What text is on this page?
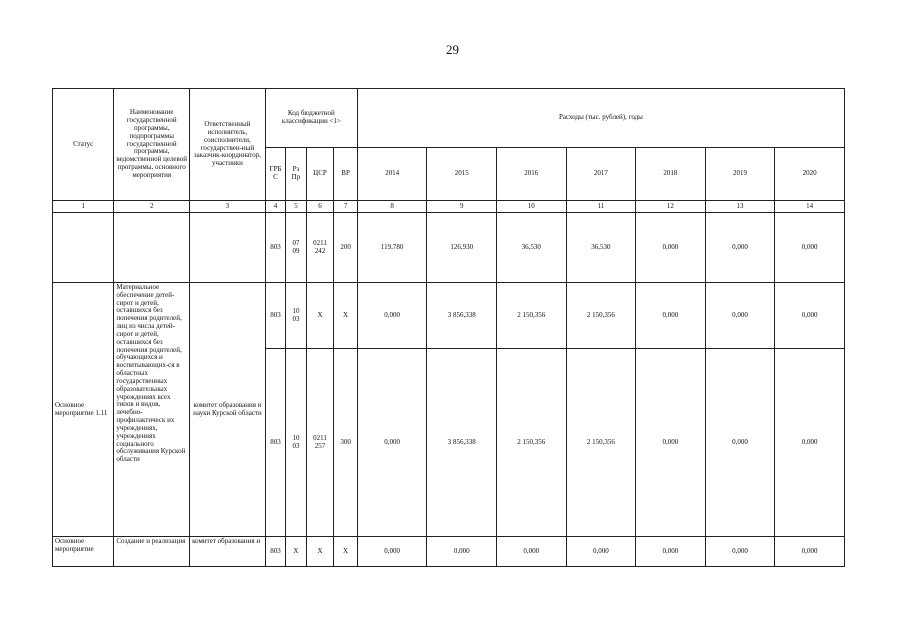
29
Статус	Наименование государственной программы, подпрограммы государственной программы, ведомственной целевой программы, основного мероприятия	Ответственный исполнитель, соисполнители, государствен-ный заказчик-координатор, участники	Код бюджетной классификации <1>				Расходы (тыс. рублей), годы						
			ГРБ С	Рз Пр	ЦСР	ВР	2014	2015	2016	2017	2018	2019	2020
1	2	3	4	5	6	7	8	9	10	11	12	13	14
			803	07 09	0211 242	200	119,780	126,930	36,530	36,530	0,000	0,000	0,000
Основное мероприятие 1.11	Материальное обеспечение детей-сирот и детей, оставшихся без попечения родителей, лиц из числа детей-сирот и детей, оставшихся без попечения родителей, обучающихся и воспитывающих-ся в областных государственных образовательных учреждениях всех типов и видов, лечебно-профилактическ их учреждениях, учреждениях социального обслуживания Курской области	комитет образования и науки Курской области	803	10 03	X	X	0,000	3 856,338	2 150,356	2 150,356	0,000	0,000	0,000
			803	10 03	0211 257	300	0,000	3 856,338	2 150,356	2 150,356	0,000	0,000	0,000
Основное мероприятие	Создание и реализация	комитет образования и	803	X	X	X	0,000	0,000	0,000	0,000	0,000	0,000	0,000
